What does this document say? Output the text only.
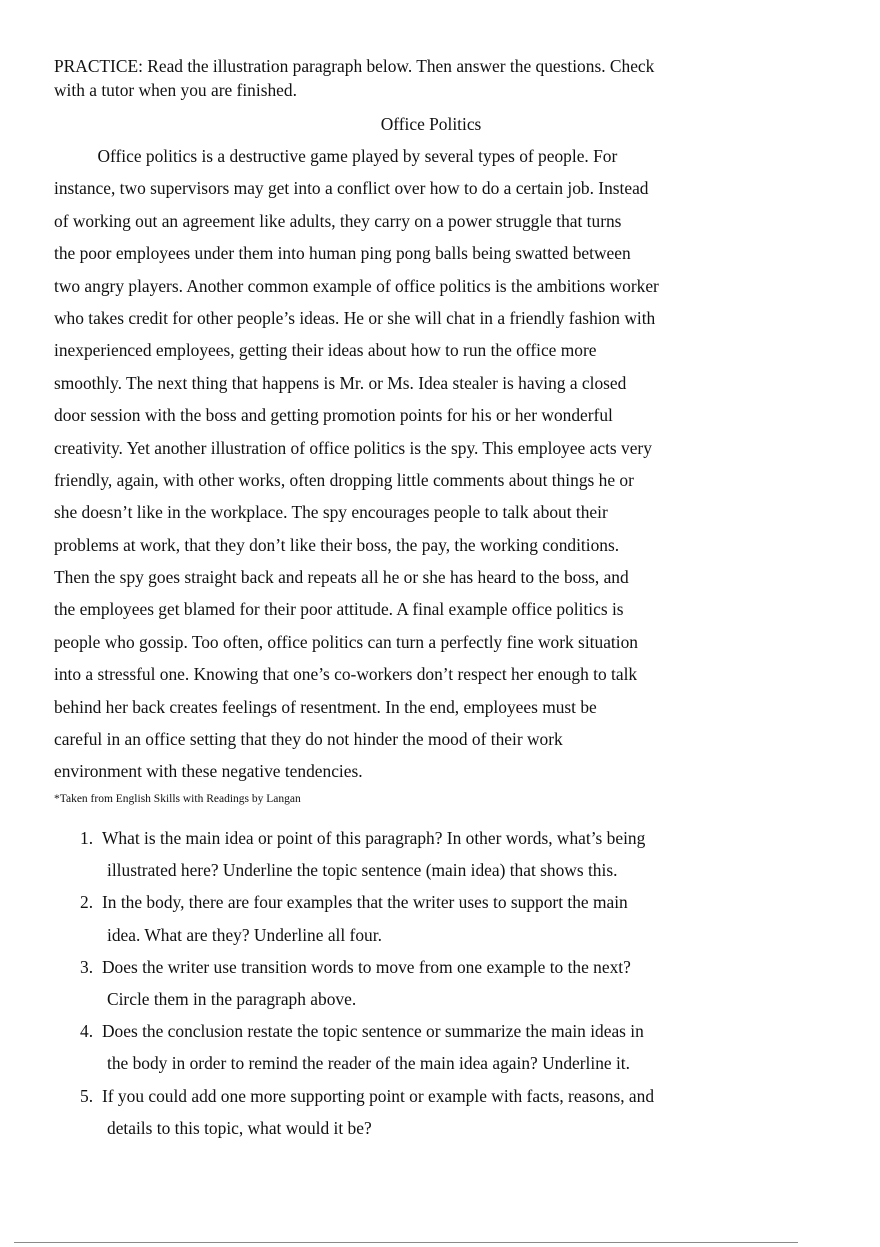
PRACTICE: Read the illustration paragraph below. Then answer the questions. Check
with a tutor when you are finished.
Office Politics
Office politics is a destructive game played by several types of people. For
instance, two supervisors may get into a conflict over how to do a certain job. Instead
of working out an agreement like adults, they carry on a power struggle that turns
the poor employees under them into human ping pong balls being swatted between
two angry players. Another common example of office politics is the ambitions worker
who takes credit for other people’s ideas. He or she will chat in a friendly fashion with
inexperienced employees, getting their ideas about how to run the office more
smoothly. The next thing that happens is Mr. or Ms. Idea stealer is having a closed
door session with the boss and getting promotion points for his or her wonderful
creativity. Yet another illustration of office politics is the spy. This employee acts very
friendly, again, with other works, often dropping little comments about things he or
she doesn’t like in the workplace. The spy encourages people to talk about their
problems at work, that they don’t like their boss, the pay, the working conditions.
Then the spy goes straight back and repeats all he or she has heard to the boss, and
the employees get blamed for their poor attitude. A final example office politics is
people who gossip. Too often, office politics can turn a perfectly fine work situation
into a stressful one. Knowing that one’s co-workers don’t respect her enough to talk
behind her back creates feelings of resentment. In the end, employees must be
careful in an office setting that they do not hinder the mood of their work
environment with these negative tendencies.
*Taken from English Skills with Readings by Langan
1. What is the main idea or point of this paragraph? In other words, what’s being
illustrated here? Underline the topic sentence (main idea) that shows this.
2. In the body, there are four examples that the writer uses to support the main
idea. What are they? Underline all four.
3. Does the writer use transition words to move from one example to the next?
Circle them in the paragraph above.
4. Does the conclusion restate the topic sentence or summarize the main ideas in
the body in order to remind the reader of the main idea again? Underline it.
5. If you could add one more supporting point or example with facts, reasons, and
details to this topic, what would it be?
